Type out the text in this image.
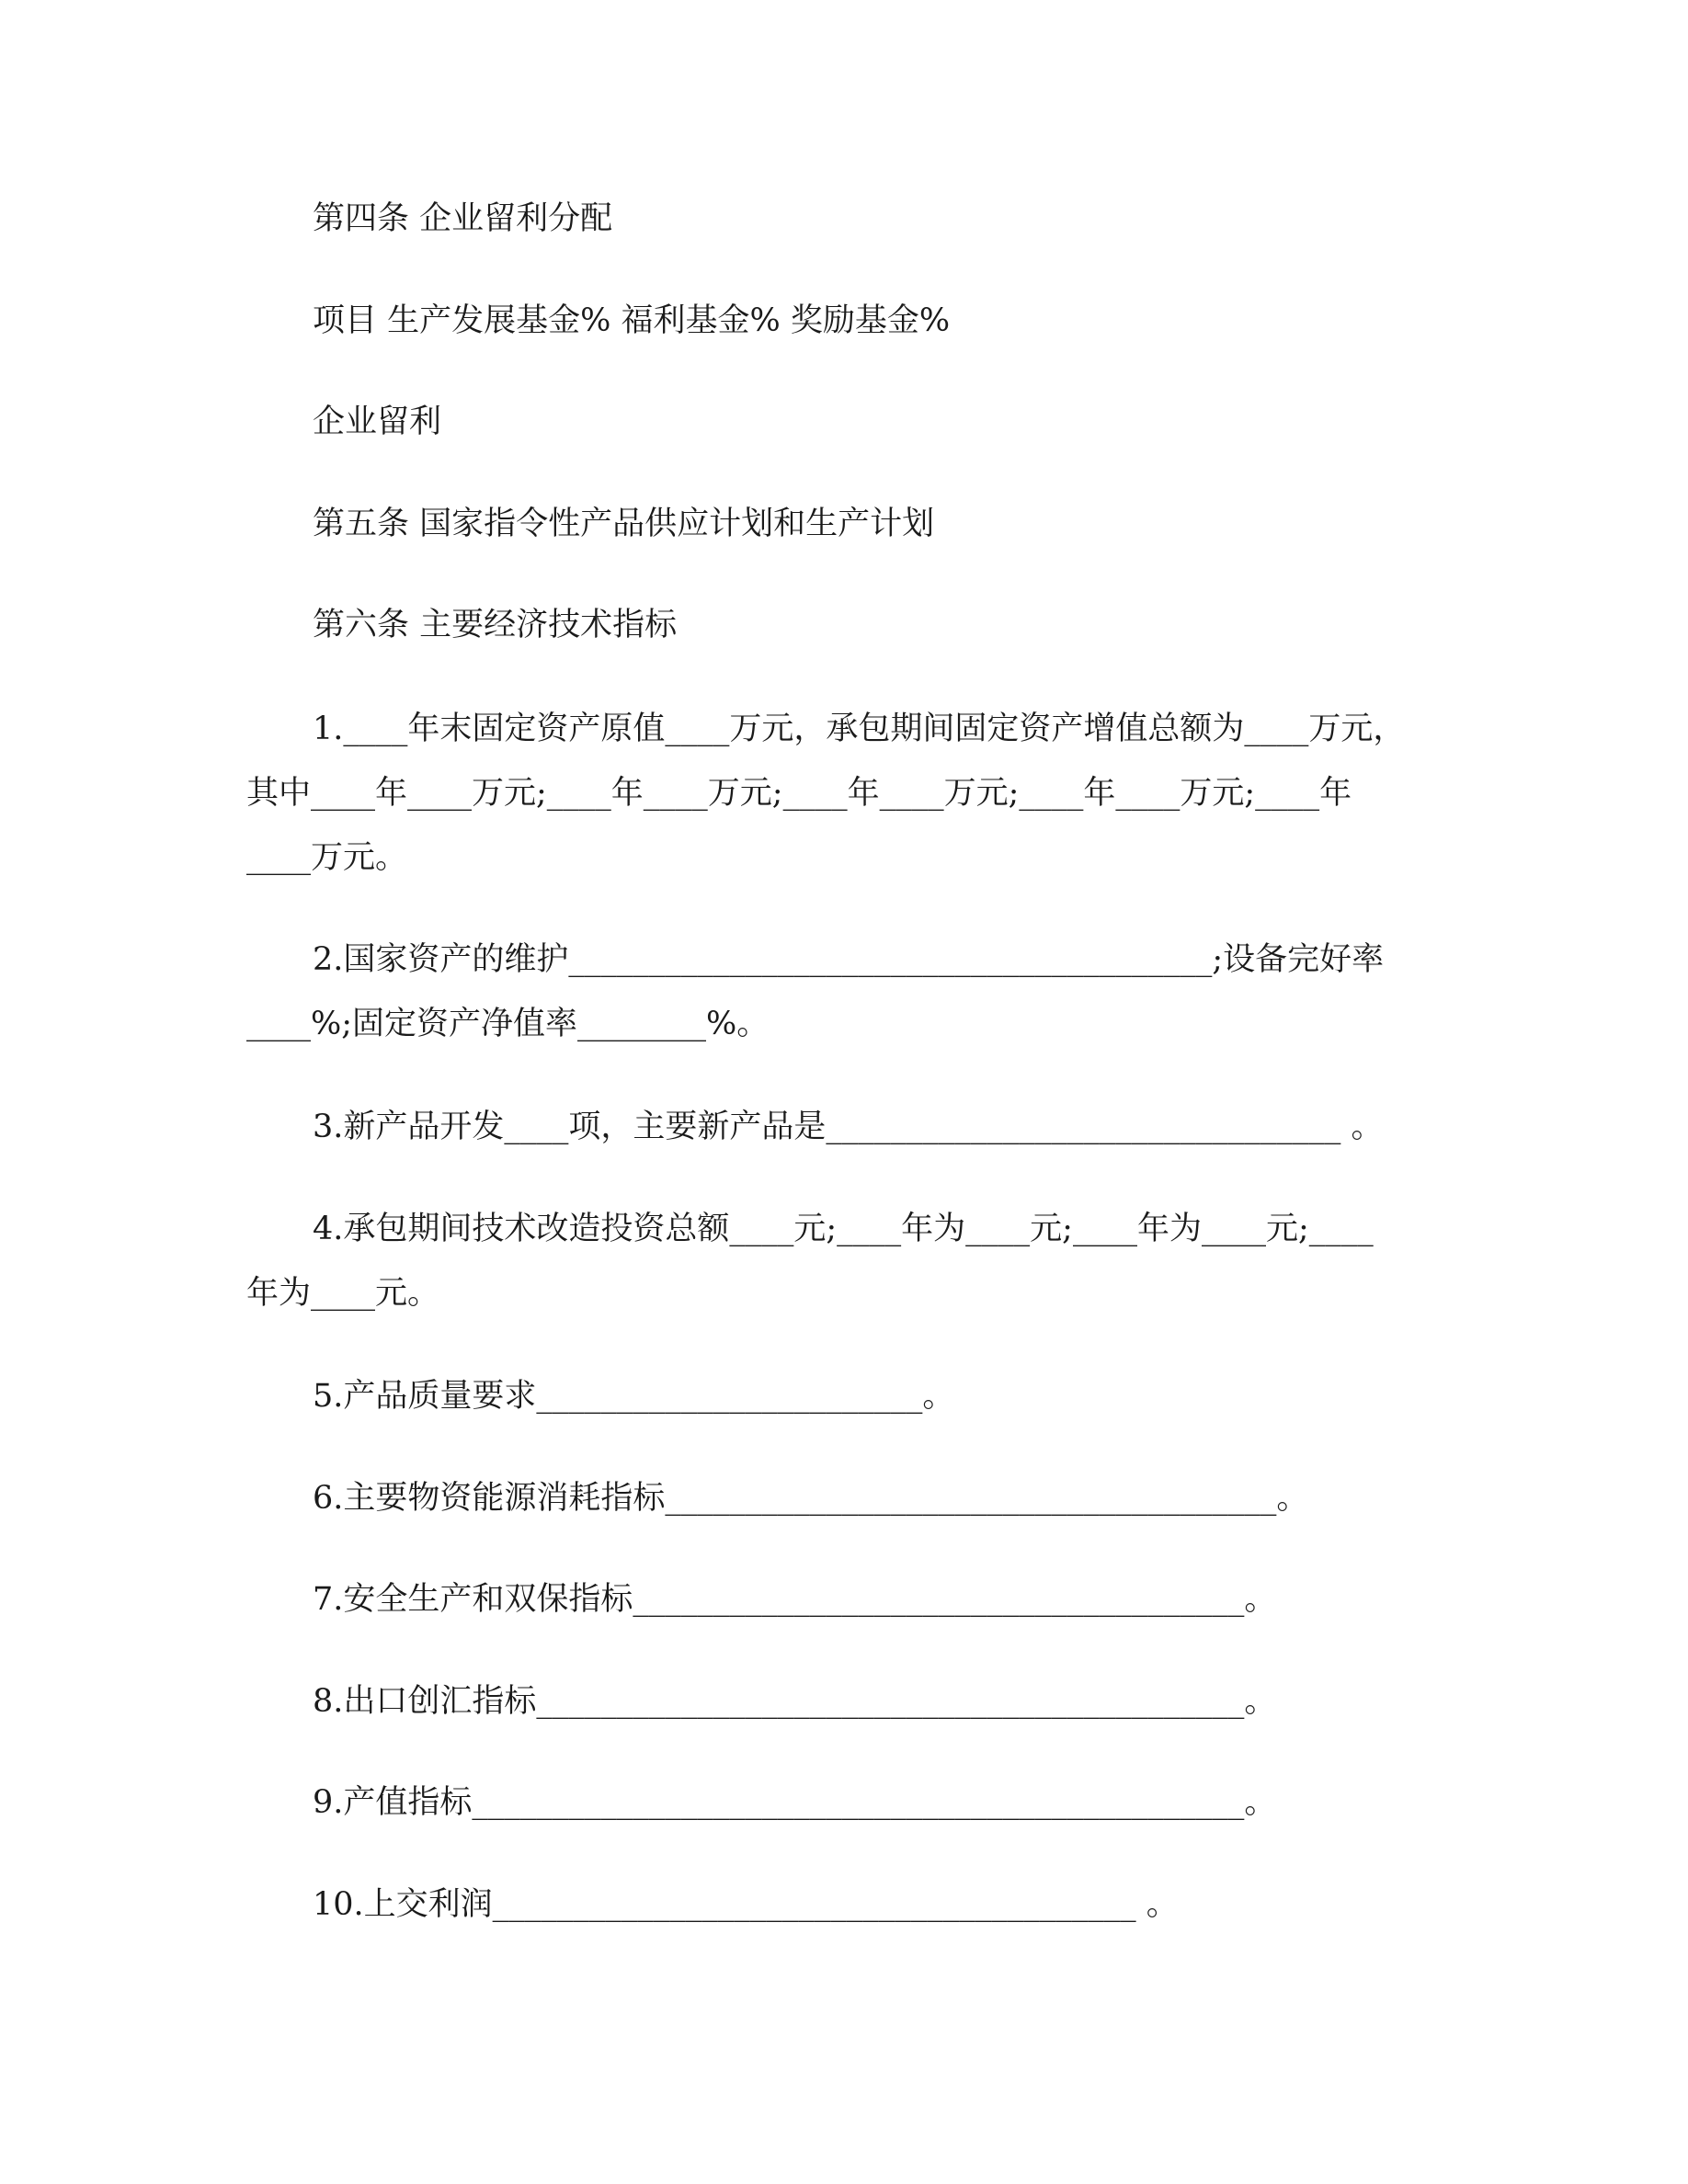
第四条 企业留利分配
项目 生产发展基金% 福利基金% 奖励基金%
企业留利
第五条 国家指令性产品供应计划和生产计划
第六条 主要经济技术指标
1.____年末固定资产原值____万元，承包期间固定资产增值总额为____万元，
其中____年____万元;____年____万元;____年____万元;____年____万元;____年
____万元。
2.国家资产的维护________________________________________;设备完好率
____%;固定资产净值率________%。
3.新产品开发____项，主要新产品是________________________________ 。
4.承包期间技术改造投资总额____元;____年为____元;____年为____元;____
年为____元。
5.产品质量要求________________________。
6.主要物资能源消耗指标______________________________________。
7.安全生产和双保指标______________________________________。
8.出口创汇指标____________________________________________。
9.产值指标________________________________________________。
10.上交利润________________________________________ 。
